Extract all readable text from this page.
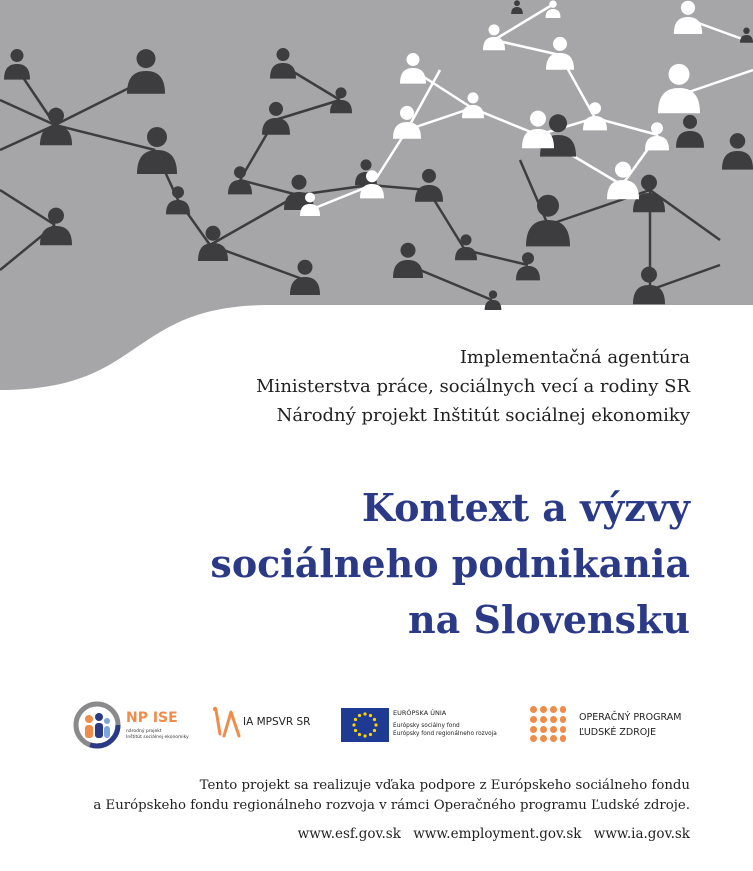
Implementačná agentúra
Ministerstva práce, sociálnych vecí a rodiny SR
Národný projekt Inštitút sociálnej ekonomiky
Kontext a výzvy
sociálneho podnikania
na Slovensku
NP ISE
národný projekt
Inštitút sociálnej ekonomiky
IA MPSVR SR
EURÓPSKA ÚNIA
Európsky sociálny fond
Európsky fond regionálneho rozvoja
OPERAČNÝ PROGRAM
ĽUDSKÉ ZDROJE
Tento projekt sa realizuje vďaka podpore z Európskeho sociálneho fondu
a Európskeho fondu regionálneho rozvoja v rámci Operačného programu Ľudské zdroje.
www.esf.gov.sk www.employment.gov.sk www.ia.gov.sk
